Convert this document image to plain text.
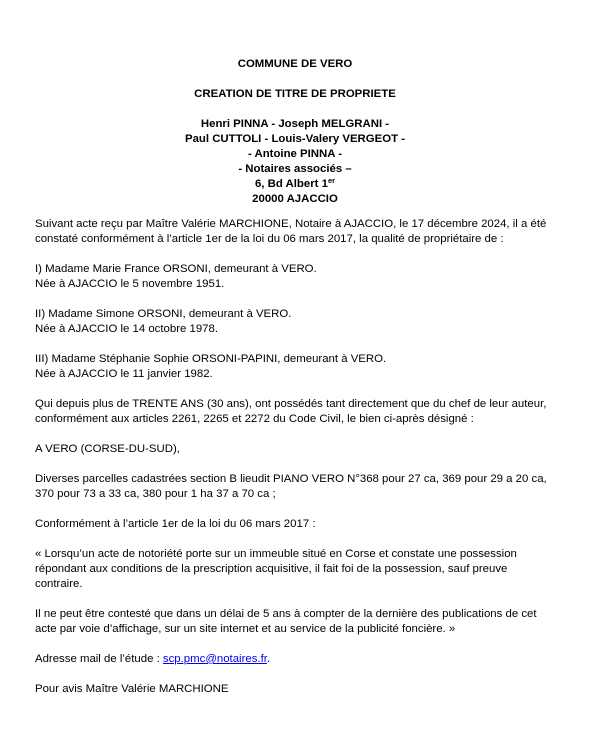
COMMUNE DE VERO
CREATION DE TITRE DE PROPRIETE
Henri PINNA - Joseph MELGRANI -
Paul CUTTOLI - Louis-Valery VERGEOT -
- Antoine PINNA -
- Notaires associés –
6, Bd Albert 1er
20000 AJACCIO

Suivant acte reçu par Maître Valérie MARCHIONE, Notaire à AJACCIO, le 17 décembre 2024, il a été
constaté conformément à l’article 1er de la loi du 06 mars 2017, la qualité de propriétaire de :

I) Madame Marie France ORSONI, demeurant à VERO.
Née à AJACCIO le 5 novembre 1951.

II) Madame Simone ORSONI, demeurant à VERO.
Née à AJACCIO le 14 octobre 1978.

III) Madame Stéphanie Sophie ORSONI-PAPINI, demeurant à VERO.
Née à AJACCIO le 11 janvier 1982.

Qui depuis plus de TRENTE ANS (30 ans), ont possédés tant directement que du chef de leur auteur,
conformément aux articles 2261, 2265 et 2272 du Code Civil, le bien ci-après désigné :

A VERO (CORSE-DU-SUD),

Diverses parcelles cadastrées section B lieudit PIANO VERO N°368 pour 27 ca, 369 pour 29 a 20 ca,
370 pour 73 a 33 ca, 380 pour 1 ha 37 a 70 ca ;

Conformément à l’article 1er de la loi du 06 mars 2017 :

« Lorsqu’un acte de notoriété porte sur un immeuble situé en Corse et constate une possession
répondant aux conditions de la prescription acquisitive, il fait foi de la possession, sauf preuve
contraire.

Il ne peut être contesté que dans un délai de 5 ans à compter de la dernière des publications de cet
acte par voie d’affichage, sur un site internet et au service de la publicité foncière. »

Adresse mail de l’étude : scp.pmc@notaires.fr.

Pour avis Maître Valérie MARCHIONE
